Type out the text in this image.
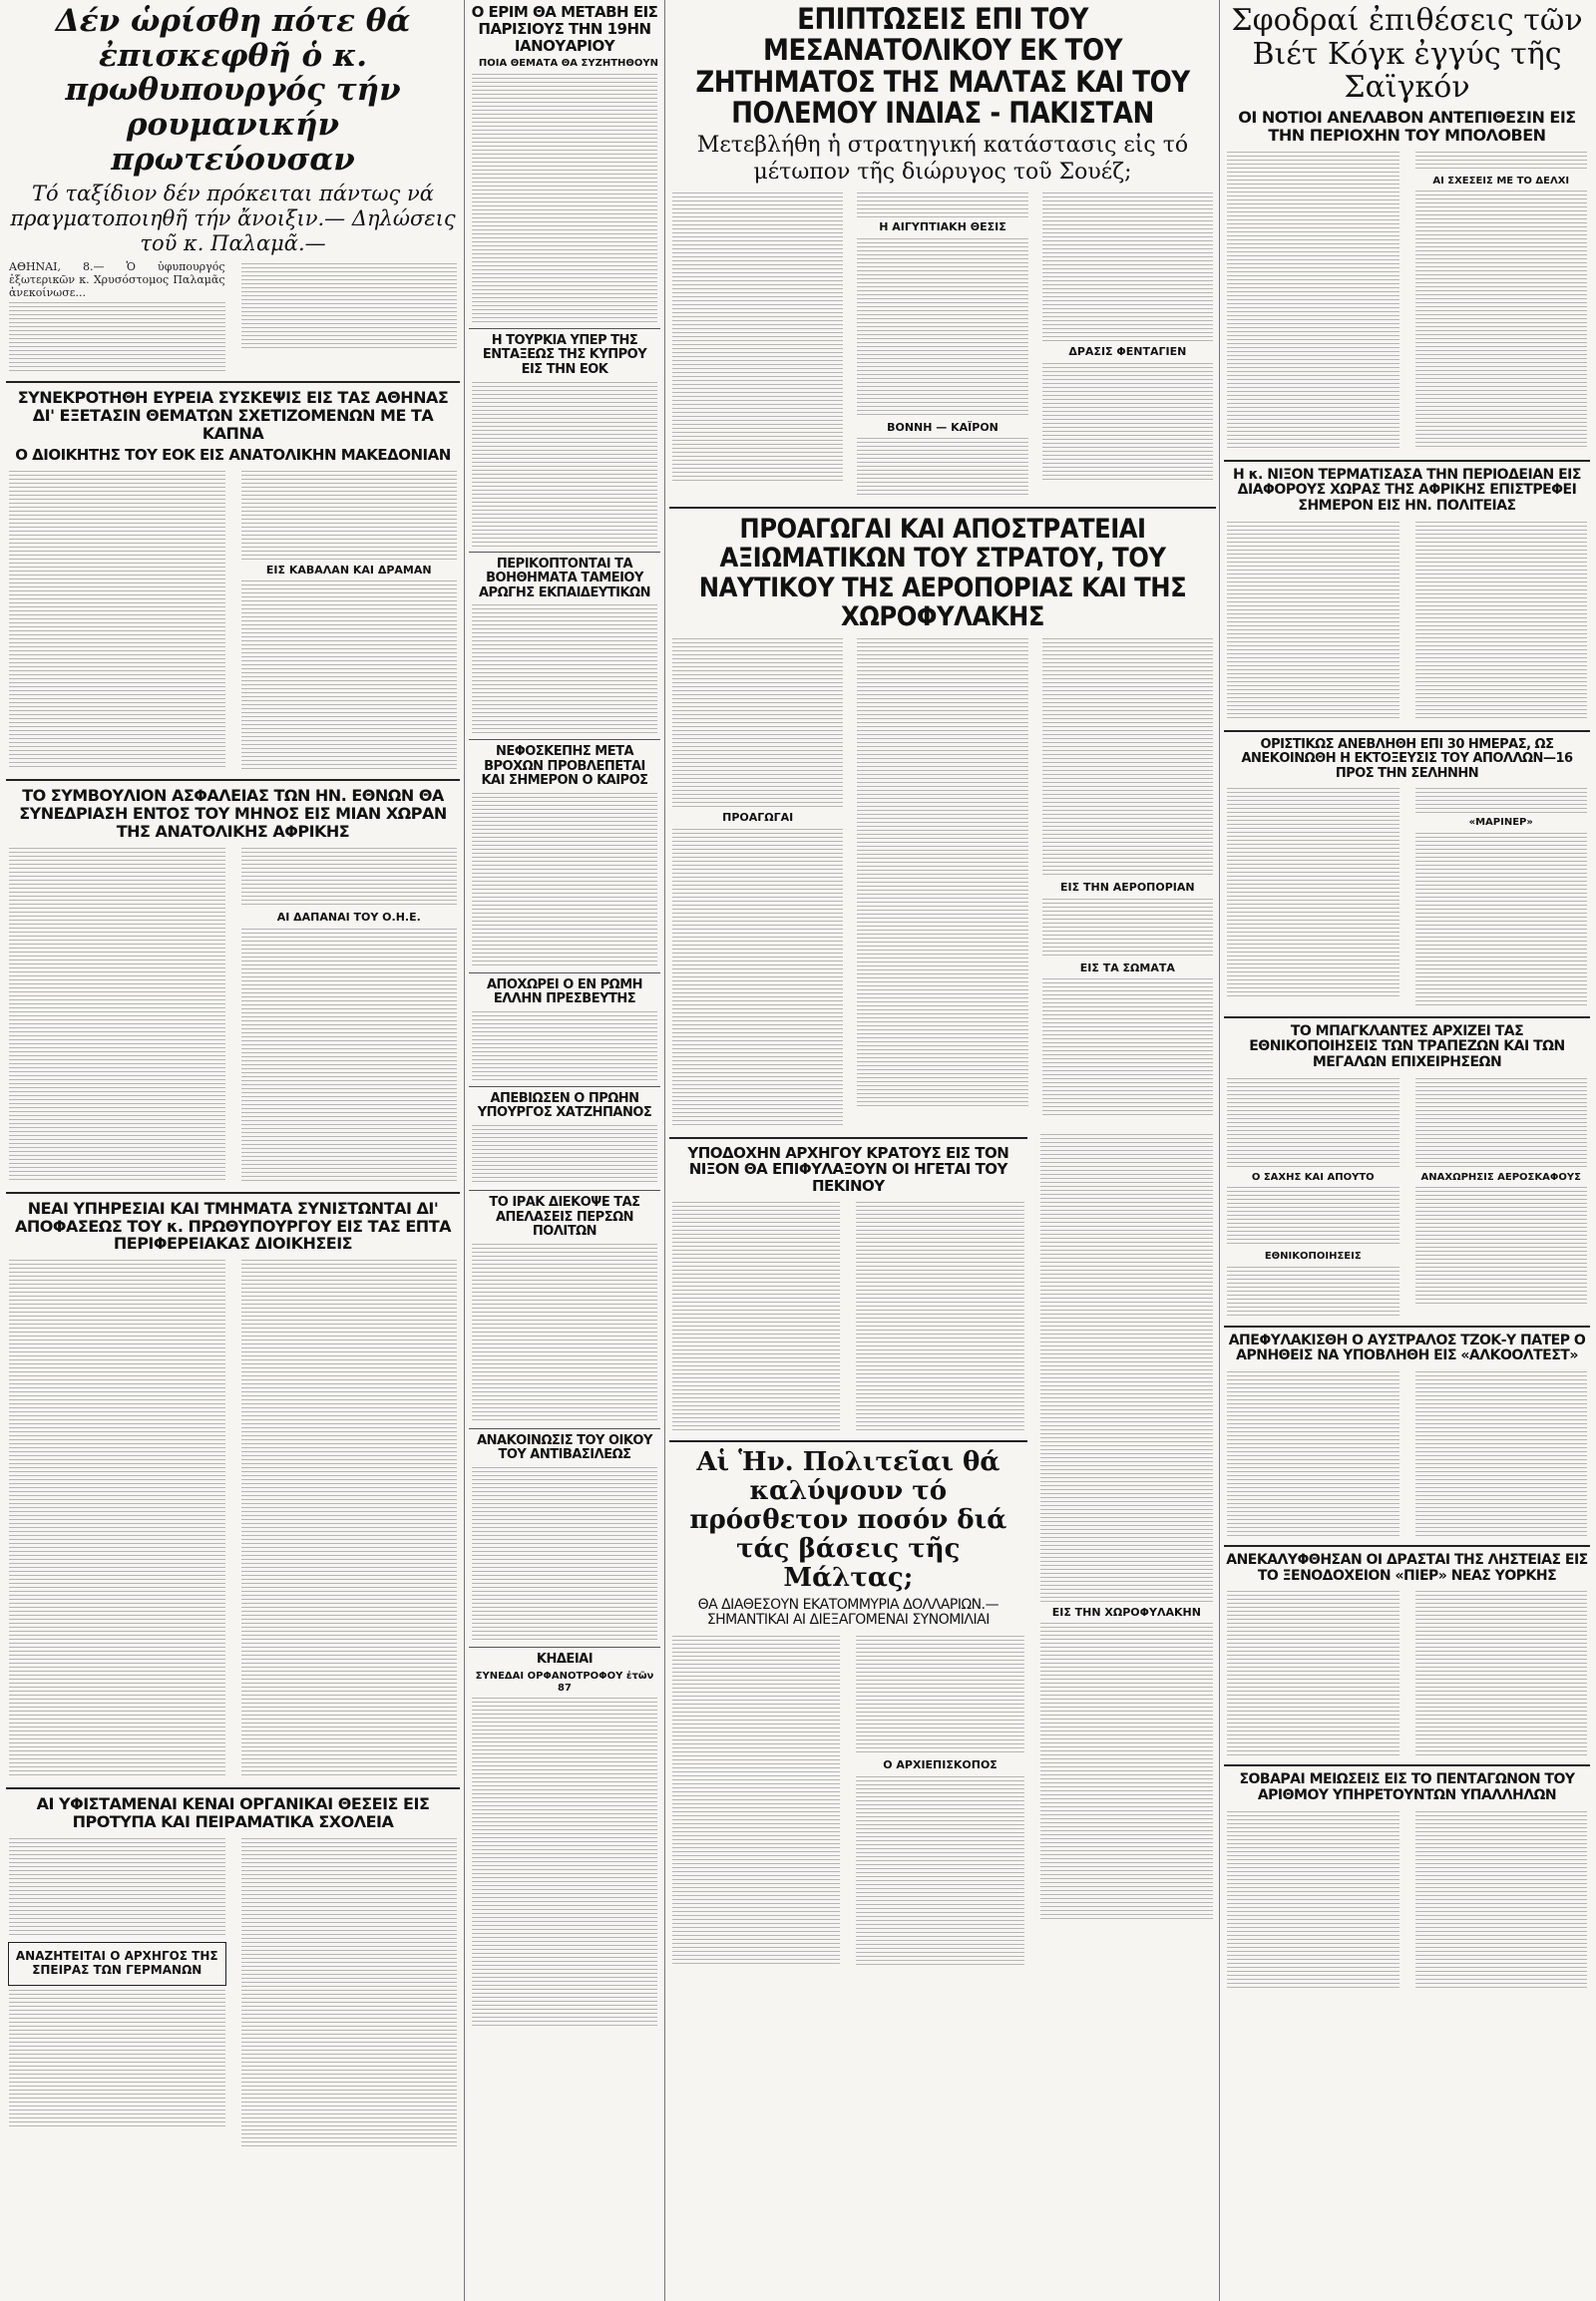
Δέν ὡρίσθη πότε θά ἐπισκεφθῆ ὁ κ. πρωθυπουργός τήν ρουμανικήν πρωτεύουσαν
Τό ταξίδιον δέν πρόκειται πάντως νά πραγματοποιηθῆ τήν ἄνοιξιν.— Δηλώσεις τοῦ κ. Παλαμᾶ.—
ΑΘΗΝΑΙ, 8.— Ὁ ὑφυπουργός ἐξωτερικῶν κ. Χρυσόστομος Παλαμᾶς ἀνεκοίνωσε...
ΣΥΝΕΚΡΟΤΗΘΗ ΕΥΡΕΙΑ ΣΥΣΚΕΨΙΣ ΕΙΣ ΤΑΣ ΑΘΗΝΑΣ ΔΙ' ΕΞΕΤΑΣΙΝ ΘΕΜΑΤΩΝ ΣΧΕΤΙΖΟΜΕΝΩΝ ΜΕ ΤΑ ΚΑΠΝΑ
Ο ΔΙΟΙΚΗΤΗΣ ΤΟΥ ΕΟΚ ΕΙΣ ΑΝΑΤΟΛΙΚΗΝ ΜΑΚΕΔΟΝΙΑΝ
ΕΙΣ ΚΑΒΑΛΑΝ ΚΑΙ ΔΡΑΜΑΝ
ΤΟ ΣΥΜΒΟΥΛΙΟΝ ΑΣΦΑΛΕΙΑΣ ΤΩΝ ΗΝ. ΕΘΝΩΝ ΘΑ ΣΥΝΕΔΡΙΑΣΗ ΕΝΤΟΣ ΤΟΥ ΜΗΝΟΣ ΕΙΣ ΜΙΑΝ ΧΩΡΑΝ ΤΗΣ ΑΝΑΤΟΛΙΚΗΣ ΑΦΡΙΚΗΣ
ΑΙ ΔΑΠΑΝΑΙ ΤΟΥ Ο.Η.Ε.
ΝΕΑΙ ΥΠΗΡΕΣΙΑΙ ΚΑΙ ΤΜΗΜΑΤΑ ΣΥΝΙΣΤΩΝΤΑΙ ΔΙ' ΑΠΟΦΑΣΕΩΣ ΤΟΥ κ. ΠΡΩΘΥΠΟΥΡΓΟΥ ΕΙΣ ΤΑΣ ΕΠΤΑ ΠΕΡΙΦΕΡΕΙΑΚΑΣ ΔΙΟΙΚΗΣΕΙΣ
ΑΙ ΥΦΙΣΤΑΜΕΝΑΙ ΚΕΝΑΙ ΟΡΓΑΝΙΚΑΙ ΘΕΣΕΙΣ ΕΙΣ ΠΡΟΤΥΠΑ ΚΑΙ ΠΕΙΡΑΜΑΤΙΚΑ ΣΧΟΛΕΙΑ
ΑΝΑΖΗΤΕΙΤΑΙ Ο ΑΡΧΗΓΟΣ ΤΗΣ ΣΠΕΙΡΑΣ ΤΩΝ ΓΕΡΜΑΝΩΝ
Ο ΕΡΙΜ ΘΑ ΜΕΤΑΒΗ ΕΙΣ ΠΑΡΙΣΙΟΥΣ ΤΗΝ 19ΗΝ ΙΑΝΟΥΑΡΙΟΥ
ΠΟΙΑ ΘΕΜΑΤΑ ΘΑ ΣΥΖΗΤΗΘΟΥΝ
Η ΤΟΥΡΚΙΑ ΥΠΕΡ ΤΗΣ ΕΝΤΑΞΕΩΣ ΤΗΣ ΚΥΠΡΟΥ ΕΙΣ ΤΗΝ ΕΟΚ
ΠΕΡΙΚΟΠΤΟΝΤΑΙ ΤΑ ΒΟΗΘΗΜΑΤΑ ΤΑΜΕΙΟΥ ΑΡΩΓΗΣ ΕΚΠΑΙΔΕΥΤΙΚΩΝ
ΝΕΦΟΣΚΕΠΗΣ ΜΕΤΑ ΒΡΟΧΩΝ ΠΡΟΒΛΕΠΕΤΑΙ ΚΑΙ ΣΗΜΕΡΟΝ Ο ΚΑΙΡΟΣ
ΑΠΟΧΩΡΕΙ Ο ΕΝ ΡΩΜΗ ΕΛΛΗΝ ΠΡΕΣΒΕΥΤΗΣ
ΑΠΕΒΙΩΣΕΝ Ο ΠΡΩΗΝ ΥΠΟΥΡΓΟΣ ΧΑΤΖΗΠΑΝΟΣ
ΤΟ ΙΡΑΚ ΔΙΕΚΟΨΕ ΤΑΣ ΑΠΕΛΑΣΕΙΣ ΠΕΡΣΩΝ ΠΟΛΙΤΩΝ
ΑΝΑΚΟΙΝΩΣΙΣ ΤΟΥ ΟΙΚΟΥ ΤΟΥ ΑΝΤΙΒΑΣΙΛΕΩΣ
ΚΗΔΕΙΑΙ
ΣΥΝΕΔΑΙ ΟΡΦΑΝΟΤΡΟΦΟΥ ἐτῶν 87
ΕΠΙΠΤΩΣΕΙΣ ΕΠΙ ΤΟΥ ΜΕΣΑΝΑΤΟΛΙΚΟΥ ΕΚ ΤΟΥ ΖΗΤΗΜΑΤΟΣ ΤΗΣ ΜΑΛΤΑΣ ΚΑΙ ΤΟΥ ΠΟΛΕΜΟΥ ΙΝΔΙΑΣ - ΠΑΚΙΣΤΑΝ
Μετεβλήθη ἡ στρατηγική κατάστασις εἰς τό μέτωπον τῆς διώρυγος τοῦ Σουέζ;
Η ΑΙΓΥΠΤΙΑΚΗ ΘΕΣΙΣ
ΒΟΝΝΗ — ΚΑΪΡΟΝ
ΔΡΑΣΙΣ ΦΕΝΤΑΓΙΕΝ
ΠΡΟΑΓΩΓΑΙ ΚΑΙ ΑΠΟΣΤΡΑΤΕΙΑΙ ΑΞΙΩΜΑΤΙΚΩΝ ΤΟΥ ΣΤΡΑΤΟΥ, ΤΟΥ ΝΑΥΤΙΚΟΥ ΤΗΣ ΑΕΡΟΠΟΡΙΑΣ ΚΑΙ ΤΗΣ ΧΩΡΟΦΥΛΑΚΗΣ
ΠΡΟΑΓΩΓΑΙ
ΕΙΣ ΤΗΝ ΑΕΡΟΠΟΡΙΑΝ
ΕΙΣ ΤΑ ΣΩΜΑΤΑ
ΥΠΟΔΟΧΗΝ ΑΡΧΗΓΟΥ ΚΡΑΤΟΥΣ ΕΙΣ ΤΟΝ ΝΙΞΟΝ ΘΑ ΕΠΙΦΥΛΑΞΟΥΝ ΟΙ ΗΓΕΤΑΙ ΤΟΥ ΠΕΚΙΝΟΥ
Αἱ Ἡν. Πολιτεῖαι θά καλύψουν τό πρόσθετον ποσόν διά τάς βάσεις τῆς Μάλτας;
ΘΑ ΔΙΑΘΕΣΟΥΝ ΕΚΑΤΟΜΜΥΡΙΑ ΔΟΛΛΑΡΙΩΝ.—ΣΗΜΑΝΤΙΚΑΙ ΑΙ ΔΙΕΞΑΓΟΜΕΝΑΙ ΣΥΝΟΜΙΛΙΑΙ
Ο ΑΡΧΙΕΠΙΣΚΟΠΟΣ
ΕΙΣ ΤΗΝ ΧΩΡΟΦΥΛΑΚΗΝ
Σφοδραί ἐπιθέσεις τῶν Βιέτ Κόγκ ἐγγύς τῆς Σαϊγκόν
ΟΙ ΝΟΤΙΟΙ ΑΝΕΛΑΒΟΝ ΑΝΤΕΠΙΘΕΣΙΝ ΕΙΣ ΤΗΝ ΠΕΡΙΟΧΗΝ ΤΟΥ ΜΠΟΛΟΒΕΝ
ΑΙ ΣΧΕΣΕΙΣ ΜΕ ΤΟ ΔΕΛΧΙ
Η κ. ΝΙΞΟΝ ΤΕΡΜΑΤΙΣΑΣΑ ΤΗΝ ΠΕΡΙΟΔΕΙΑΝ ΕΙΣ ΔΙΑΦΟΡΟΥΣ ΧΩΡΑΣ ΤΗΣ ΑΦΡΙΚΗΣ ΕΠΙΣΤΡΕΦΕΙ ΣΗΜΕΡΟΝ ΕΙΣ ΗΝ. ΠΟΛΙΤΕΙΑΣ
ΟΡΙΣΤΙΚΩΣ ΑΝΕΒΛΗΘΗ ΕΠΙ 30 ΗΜΕΡΑΣ, ΩΣ ΑΝΕΚΟΙΝΩΘΗ Η ΕΚΤΟΞΕΥΣΙΣ ΤΟΥ ΑΠΟΛΛΩΝ—16 ΠΡΟΣ ΤΗΝ ΣΕΛΗΝΗΝ
«ΜΑΡΙΝΕΡ»
ΤΟ ΜΠΑΓΚΛΑΝΤΕΣ ΑΡΧΙΖΕΙ ΤΑΣ ΕΘΝΙΚΟΠΟΙΗΣΕΙΣ ΤΩΝ ΤΡΑΠΕΖΩΝ ΚΑΙ ΤΩΝ ΜΕΓΑΛΩΝ ΕΠΙΧΕΙΡΗΣΕΩΝ
Ο ΣΑΧΗΣ ΚΑΙ ΑΠΟΥΤΟ
ΕΘΝΙΚΟΠΟΙΗΣΕΙΣ
ΑΝΑΧΩΡΗΣΙΣ ΑΕΡΟΣΚΑΦΟΥΣ
ΑΠΕΦΥΛΑΚΙΣΘΗ Ο ΑΥΣΤΡΑΛΟΣ ΤΖΟΚ-Υ ΠΑΤΕΡ Ο ΑΡΝΗΘΕΙΣ ΝΑ ΥΠΟΒΛΗΘΗ ΕΙΣ «ΑΛΚΟΟΛΤΕΣΤ»
ΑΝΕΚΑΛΥΦΘΗΣΑΝ ΟΙ ΔΡΑΣΤΑΙ ΤΗΣ ΛΗΣΤΕΙΑΣ ΕΙΣ ΤΟ ΞΕΝΟΔΟΧΕΙΟΝ «ΠΙΕΡ» ΝΕΑΣ ΥΟΡΚΗΣ
ΣΟΒΑΡΑΙ ΜΕΙΩΣΕΙΣ ΕΙΣ ΤΟ ΠΕΝΤΑΓΩΝΟΝ ΤΟΥ ΑΡΙΘΜΟΥ ΥΠΗΡΕΤΟΥΝΤΩΝ ΥΠΑΛΛΗΛΩΝ
